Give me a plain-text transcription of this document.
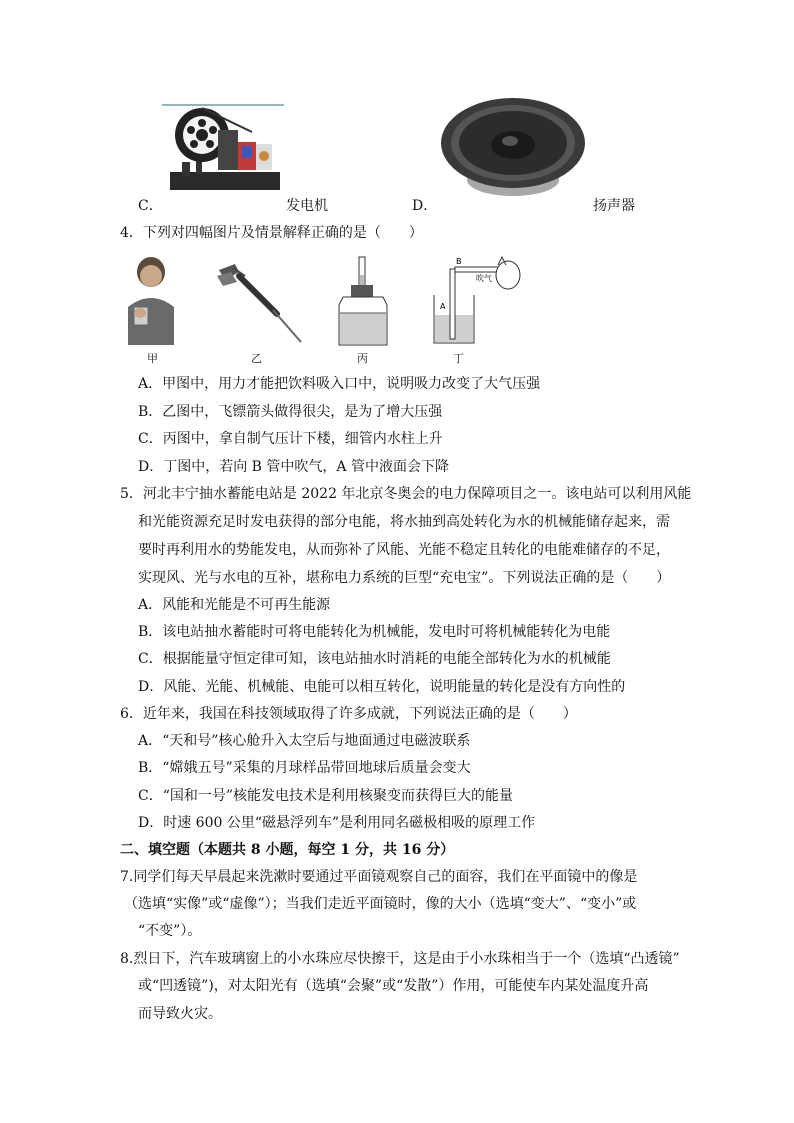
C．	发电机	D．	扬声器
4．下列对四幅图片及情景解释正确的是（　　）
甲	乙	丙
B
A
吹气
丁
A．甲图中，用力才能把饮料吸入口中，说明吸力改变了大气压强
B．乙图中，飞镖箭头做得很尖，是为了增大压强
C．丙图中，拿自制气压计下楼，细管内水柱上升
D．丁图中，若向 B 管中吹气，A 管中液面会下降
5．河北丰宁抽水蓄能电站是 2022 年北京冬奥会的电力保障项目之一。该电站可以利用风能
和光能资源充足时发电获得的部分电能，将水抽到高处转化为水的机械能储存起来，需
要时再利用水的势能发电，从而弥补了风能、光能不稳定且转化的电能难储存的不足，
实现风、光与水电的互补，堪称电力系统的巨型“充电宝”。下列说法正确的是（　　）
A．风能和光能是不可再生能源
B．该电站抽水蓄能时可将电能转化为机械能，发电时可将机械能转化为电能
C．根据能量守恒定律可知，该电站抽水时消耗的电能全部转化为水的机械能
D．风能、光能、机械能、电能可以相互转化，说明能量的转化是没有方向性的
6．近年来，我国在科技领域取得了许多成就，下列说法正确的是（　　）
A．“天和号”核心舱升入太空后与地面通过电磁波联系
B．“嫦娥五号”采集的月球样品带回地球后质量会变大
C．“国和一号”核能发电技术是利用核聚变而获得巨大的能量
D．时速 600 公里“磁悬浮列车”是利用同名磁极相吸的原理工作
二、填空题（本题共 8 小题，每空 1 分，共 16 分）
7.同学们每天早晨起来洗漱时要通过平面镜观察自己的面容，我们在平面镜中的像是
（选填“实像”或“虚像”）；当我们走近平面镜时，像的大小（选填“变大”、“变小”或
“不变”）。
8.烈日下，汽车玻璃窗上的小水珠应尽快擦干，这是由于小水珠相当于一个（选填“凸透镜”
或“凹透镜”)，对太阳光有（选填“会聚”或“发散”）作用，可能使车内某处温度升高
而导致火灾。
